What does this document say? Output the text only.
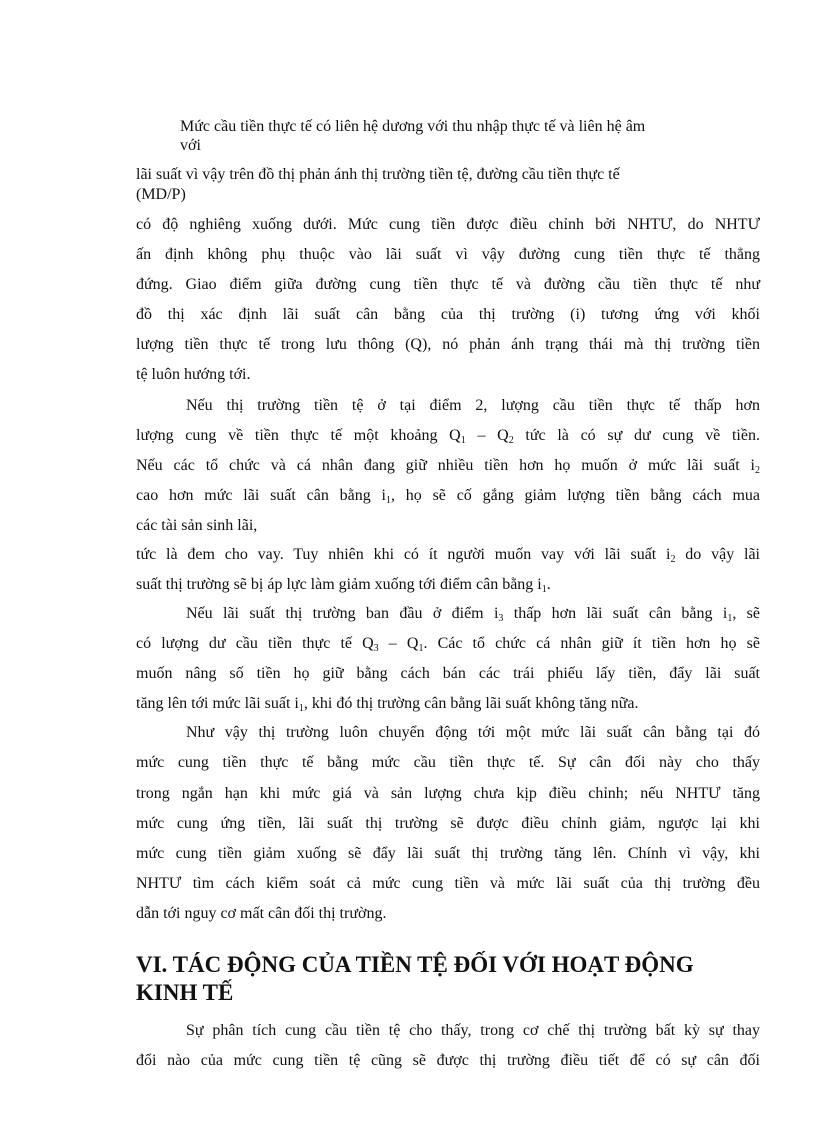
Mức cầu tiền thực tế có liên hệ dương với thu nhập thực tế và liên hệ âm
với
lãi suất vì vậy trên đồ thị phản ánh thị trường tiền tệ, đường cầu tiền thực tế
(MD/P)
có độ nghiêng xuống dưới. Mức cung tiền được điều chỉnh bởi NHTƯ, do NHTƯ
ấn định không phụ thuộc vào lãi suất vì vậy đường cung tiền thực tế thẳng
đứng. Giao điểm giữa đường cung tiền thực tế và đường cầu tiền thực tế như
đồ thị xác định lãi suất cân bằng của thị trường (i) tương ứng với khối
lượng tiền thực tế trong lưu thông (Q), nó phản ánh trạng thái mà thị trường tiền
tệ luôn hướng tới.
Nếu thị trường tiền tệ ở tại điểm 2, lượng cầu tiền thực tế thấp hơn
lượng cung về tiền thực tế một khoảng $Q_1 - Q_2$ tức là có sự dư cung về tiền.
Nếu các tổ chức và cá nhân đang giữ nhiều tiền hơn họ muốn ở mức lãi suất $i_2$
cao hơn mức lãi suất cân bằng $i_1$, họ sẽ cố gắng giảm lượng tiền bằng cách mua
các tài sản sinh lãi,
tức là đem cho vay. Tuy nhiên khi có ít người muốn vay với lãi suất $i_2$ do vậy lãi
suất thị trường sẽ bị áp lực làm giảm xuống tới điểm cân bằng $i_1$.
Nếu lãi suất thị trường ban đầu ở điểm $i_3$ thấp hơn lãi suất cân bằng $i_1$, sẽ
có lượng dư cầu tiền thực tế $Q_3 - Q_1$. Các tổ chức cá nhân giữ ít tiền hơn họ sẽ
muốn nâng số tiền họ giữ bằng cách bán các trái phiếu lấy tiền, đẩy lãi suất
tăng lên tới mức lãi suất $i_1$, khi đó thị trường cân bằng lãi suất không tăng nữa.
Như vậy thị trường luôn chuyển động tới một mức lãi suất cân bằng tại đó
mức cung tiền thực tế bằng mức cầu tiền thực tế. Sự cân đối này cho thấy
trong ngắn hạn khi mức giá và sản lượng chưa kịp điều chỉnh; nếu NHTƯ tăng
mức cung ứng tiền, lãi suất thị trường sẽ được điều chỉnh giảm, ngược lại khi
mức cung tiền giảm xuống sẽ đẩy lãi suất thị trường tăng lên. Chính vì vậy, khi
NHTƯ tìm cách kiểm soát cả mức cung tiền và mức lãi suất của thị trường đều
dẫn tới nguy cơ mất cân đối thị trường.
VI. TÁC ĐỘNG CỦA TIỀN TỆ ĐỐI VỚI HOẠT ĐỘNG
KINH TẾ
Sự phân tích cung cầu tiền tệ cho thấy, trong cơ chế thị trường bất kỳ sự thay
đổi nào của mức cung tiền tệ cũng sẽ được thị trường điều tiết để có sự cân đối
